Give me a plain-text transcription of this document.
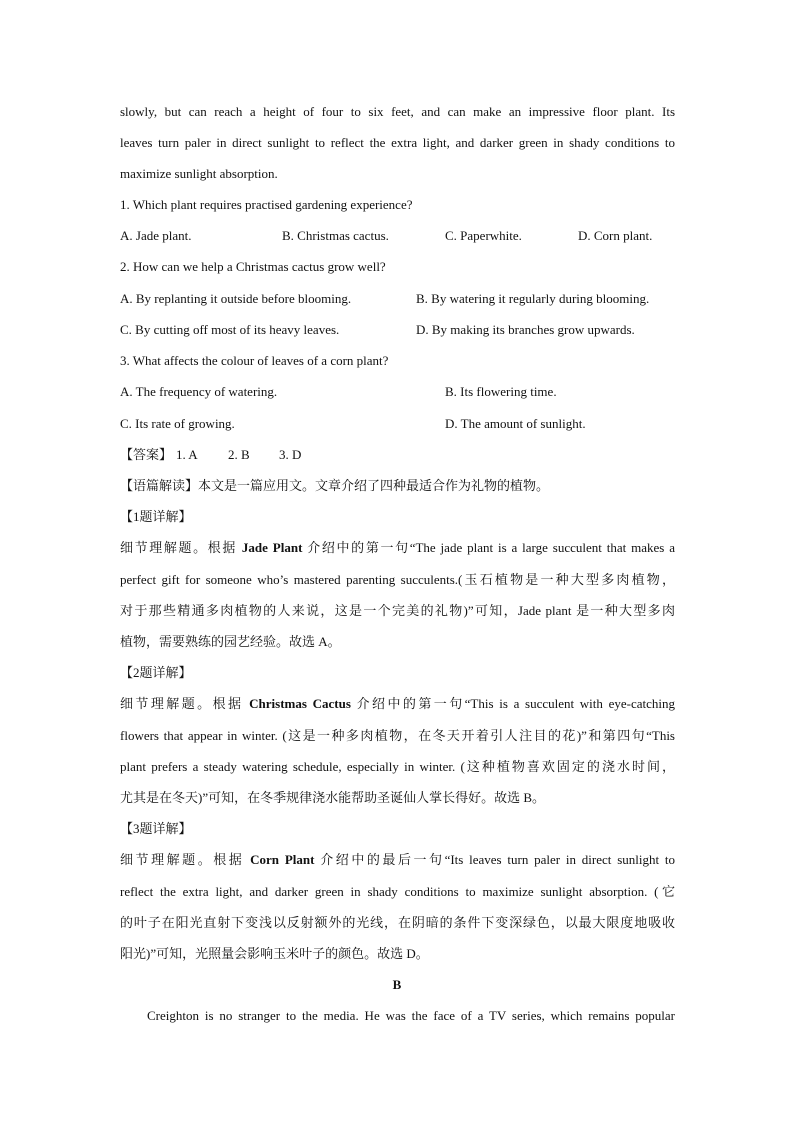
slowly, but can reach a height of four to six feet, and can make an impressive floor plant. Its
leaves turn paler in direct sunlight to reflect the extra light, and darker green in shady conditions to
maximize sunlight absorption.
1. Which plant requires practised gardening experience?
A. Jade plant.	B. Christmas cactus.	C. Paperwhite.	D. Corn plant.
2. How can we help a Christmas cactus grow well?
A. By replanting it outside before blooming.	B. By watering it regularly during blooming.
C. By cutting off most of its heavy leaves.	D. By making its branches grow upwards.
3. What affects the colour of leaves of a corn plant?
A. The frequency of watering.	B. Its flowering time.
C. Its rate of growing.	D. The amount of sunlight.
【答案】 1. A 2. B 3. D
【语篇解读】本文是一篇应用文。文章介绍了四种最适合作为礼物的植物。
【1题详解】
细节理解题。根据 Jade Plant 介绍中的第一句“The jade plant is a large succulent that makes a
perfect gift for someone who’s mastered parenting succulents.(玉石植物是一种大型多肉植物，
对于那些精通多肉植物的人来说，这是一个完美的礼物)”可知，Jade plant 是一种大型多肉
植物，需要熟练的园艺经验。故选 A。
【2题详解】
细节理解题。根据 Christmas Cactus 介绍中的第一句“This is a succulent with eye-catching
flowers that appear in winter. (这是一种多肉植物，在冬天开着引人注目的花)”和第四句“This
plant prefers a steady watering schedule, especially in winter. (这种植物喜欢固定的浇水时间，
尤其是在冬天)”可知，在冬季规律浇水能帮助圣诞仙人掌长得好。故选 B。
【3题详解】
细节理解题。根据 Corn Plant 介绍中的最后一句“Its leaves turn paler in direct sunlight to
reflect the extra light, and darker green in shady conditions to maximize sunlight absorption. (它
的叶子在阳光直射下变浅以反射额外的光线，在阴暗的条件下变深绿色，以最大限度地吸收
阳光)”可知，光照量会影响玉米叶子的颜色。故选 D。
B
Creighton is no stranger to the media. He was the face of a TV series, which remains popular
